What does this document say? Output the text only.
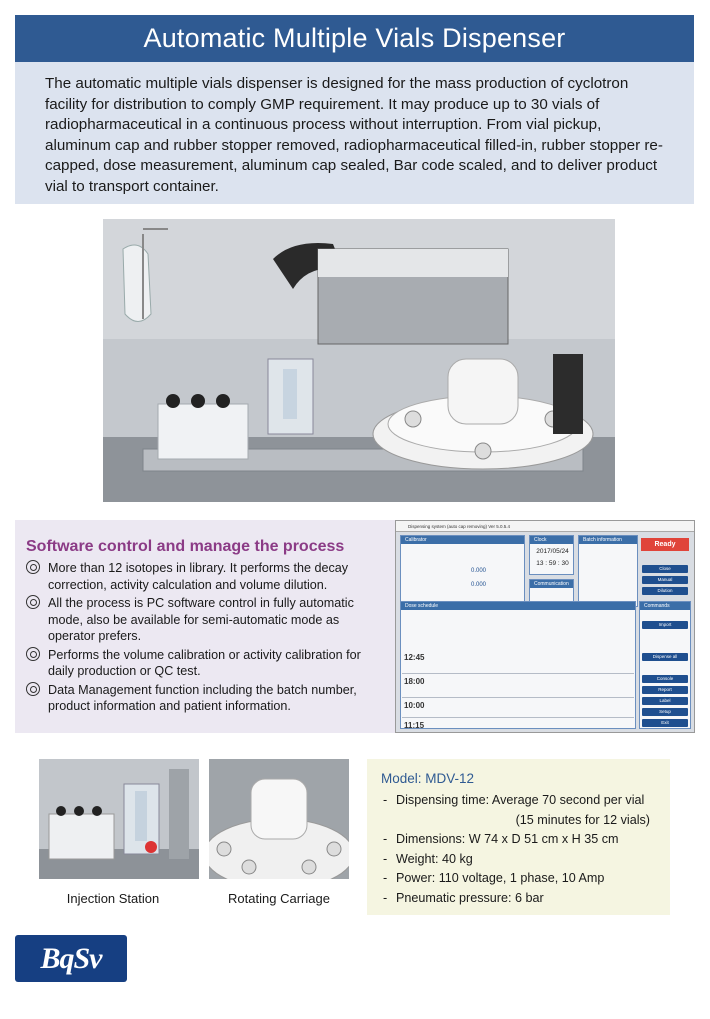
Automatic Multiple Vials Dispenser
The automatic multiple vials dispenser is designed for the mass production of cyclotron facility for distribution to comply GMP requirement. It may produce up to 30 vials of radiopharmaceutical in a continuous process without interruption. From vial pickup, aluminum cap and rubber stopper removed, radiopharmaceutical filled-in, rubber stopper re-capped, dose measurement, aluminum cap sealed, Bar code scaled, and to deliver product vial to transport container.
Software control and manage the process
More than 12 isotopes in library. It performs the decay correction, activity calculation and volume dilution.
All the process is PC software control in fully automatic mode, also be available for semi-automatic mode as operator prefers.
Performs the volume calibration or activity calibration for daily production or QC test.
Data Management function including the batch number, product information and patient information.
Dispensing system (auto cap removing) Ver 5.0.5.4
Calibrator
0.000
0.000
Clock
2017/05/24
13 : 59 : 30
Communication
Batch information
Ready
Dose schedule
12:45
18:00
10:00
11:15
Commands
Close
Manual
Dilution
Import
Dispense all
Console
Report
Label
Setup
Exit
Injection Station	Rotating Carriage
Model: MDV-12
- Dispensing time: Average 70 second per vial
(15 minutes for 12 vials)
- Dimensions: W 74 x D 51 cm x H 35 cm
- Weight: 40 kg
- Power: 110 voltage, 1 phase, 10 Amp
- Pneumatic pressure: 6 bar
BqSv
